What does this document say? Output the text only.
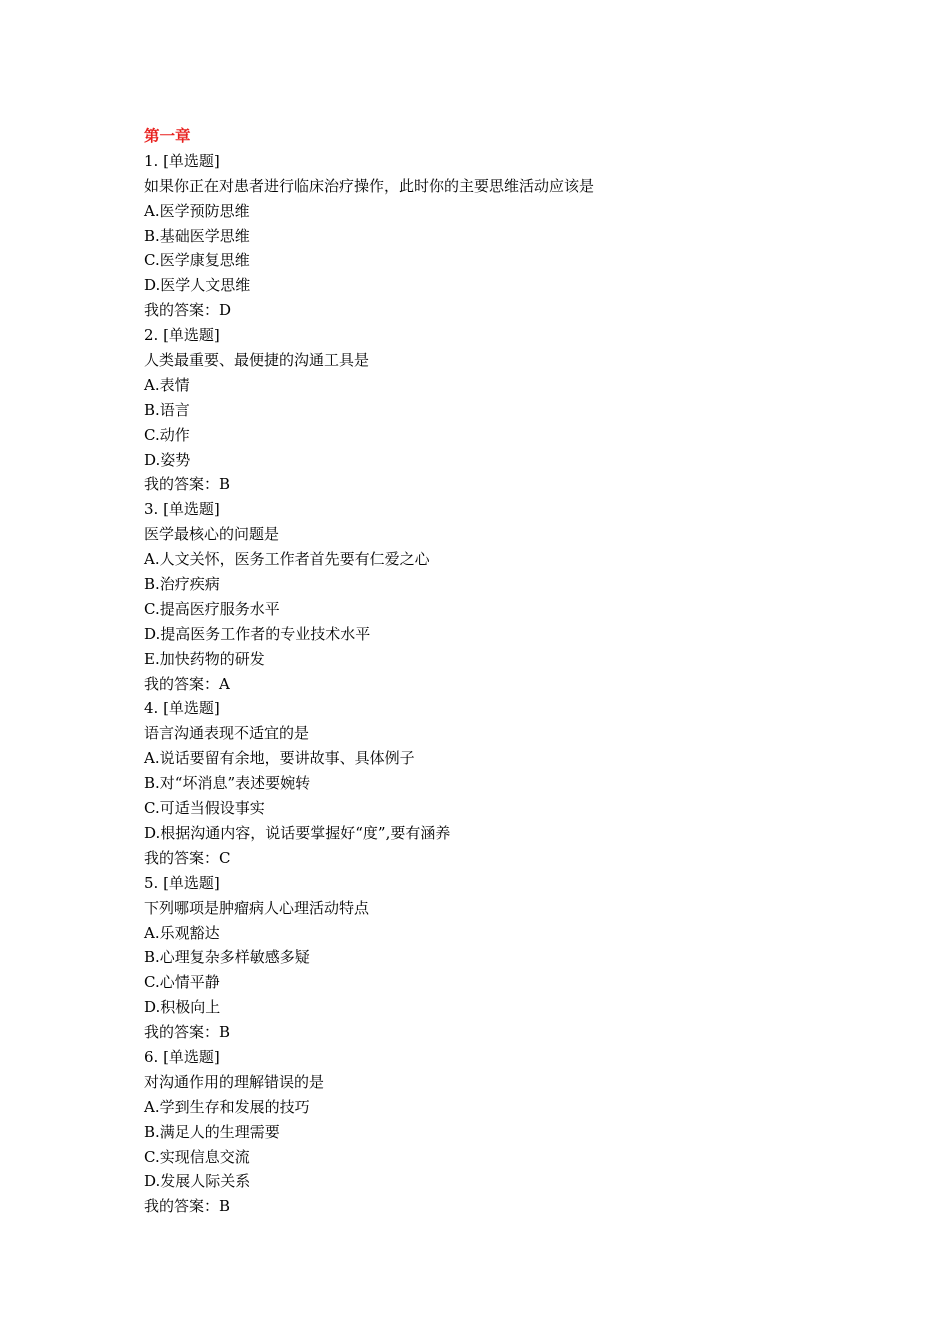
第一章
1. [单选题]
如果你正在对患者进行临床治疗操作，此时你的主要思维活动应该是
A.医学预防思维
B.基础医学思维
C.医学康复思维
D.医学人文思维
我的答案：D
2. [单选题]
人类最重要、最便捷的沟通工具是
A.表情
B.语言
C.动作
D.姿势
我的答案：B
3. [单选题]
医学最核心的问题是
A.人文关怀，医务工作者首先要有仁爱之心
B.治疗疾病
C.提高医疗服务水平
D.提高医务工作者的专业技术水平
E.加快药物的研发
我的答案：A
4. [单选题]
语言沟通表现不适宜的是
A.说话要留有余地，要讲故事、具体例子
B.对“坏消息”表述要婉转
C.可适当假设事实
D.根据沟通内容，说话要掌握好“度”,要有涵养
我的答案：C
5. [单选题]
下列哪项是肿瘤病人心理活动特点
A.乐观豁达
B.心理复杂多样敏感多疑
C.心情平静
D.积极向上
我的答案：B
6. [单选题]
对沟通作用的理解错误的是
A.学到生存和发展的技巧
B.满足人的生理需要
C.实现信息交流
D.发展人际关系
我的答案：B
